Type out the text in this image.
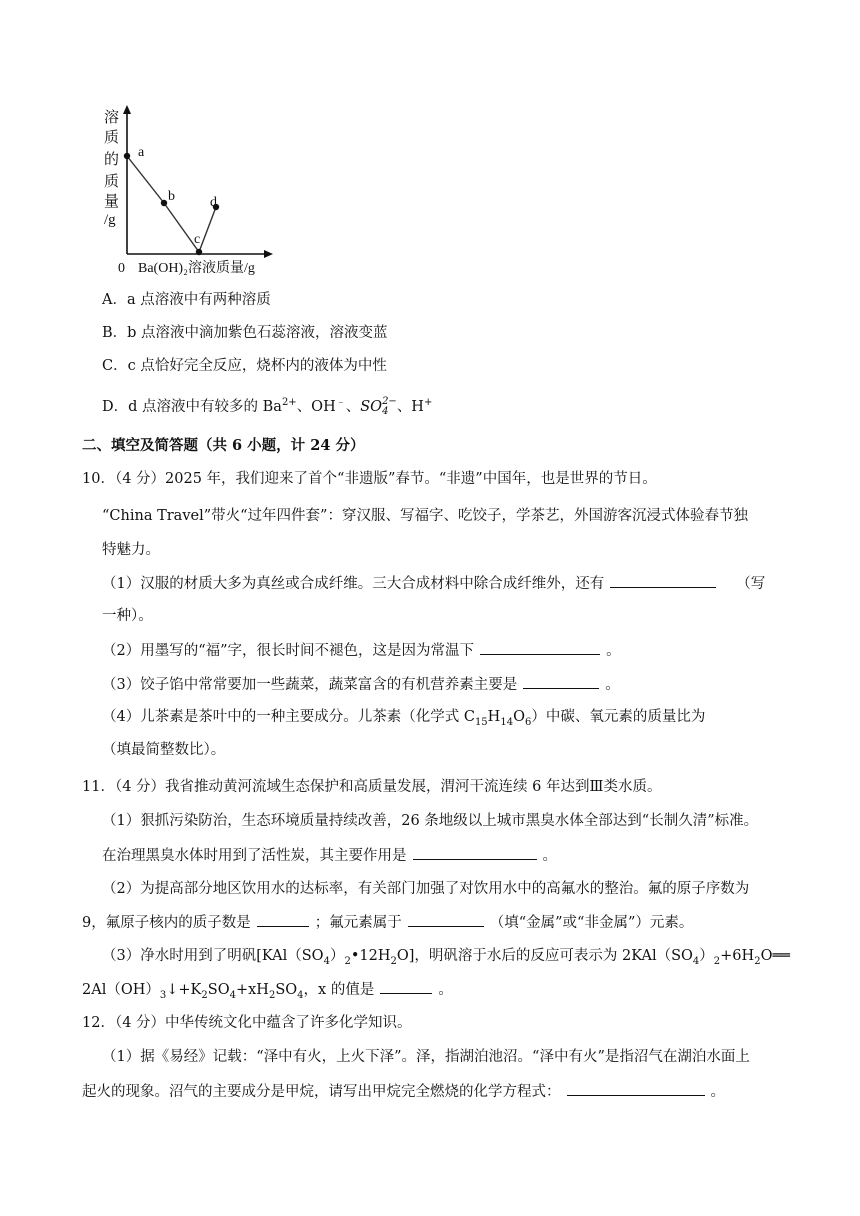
溶
质
的
质
量
/g
a
b
c
d
0 Ba(OH)₂溶液质量/g
A．a 点溶液中有两种溶质
B．b 点溶液中滴加紫色石蕊溶液，溶液变蓝
C．c 点恰好完全反应，烧杯内的液体为中性
D．d 点溶液中有较多的 $Ba^{2+}$、OH﹣、SO 2−
4 、H+
二、填空及简答题（共 6 小题，计 24 分）
10．（4 分）2025 年，我们迎来了首个“非遗版”春节。“非遗”中国年，也是世界的节日。
“China Travel”带火“过年四件套”：穿汉服、写福字、吃饺子，学茶艺，外国游客沉浸式体验春节独
特魅力。
（1）汉服的材质大多为真丝或合成纤维。三大合成材料中除合成纤维外，还有	（写
一种）。
（2）用墨写的“福”字，很长时间不褪色，这是因为常温下	。
（3）饺子馅中常常要加一些蔬菜，蔬菜富含的有机营养素主要是	。
（4）儿茶素是茶叶中的一种主要成分。儿茶素（化学式 $C_{15}H_{14}O_6$）中碳、氧元素的质量比为
（填最简整数比）。
11．（4 分）我省推动黄河流域生态保护和高质量发展，渭河干流连续 6 年达到Ⅲ类水质。
（1）狠抓污染防治，生态环境质量持续改善，26 条地级以上城市黑臭水体全部达到“长制久清”标准。
在治理黑臭水体时用到了活性炭，其主要作用是	。
（2）为提高部分地区饮用水的达标率，有关部门加强了对饮用水中的高氟水的整治。氟的原子序数为
9，氟原子核内的质子数是	；氟元素属于	（填“金属”或“非金属”）元素。
（3）净水时用到了明矾$[KAl(SO_4)_2•12H_2O]$，明矾溶于水后的反应可表示为 $2KAl(SO_4)_2+6H_2O══$
$2Al(OH)_3↓+K_2SO_4+xH_2SO_4$，x 的值是	。
12．（4 分）中华传统文化中蕴含了许多化学知识。
（1）据《易经》记载：“泽中有火，上火下泽”。泽，指湖泊池沼。“泽中有火”是指沼气在湖泊水面上
起火的现象。沼气的主要成分是甲烷，请写出甲烷完全燃烧的化学方程式：	。
